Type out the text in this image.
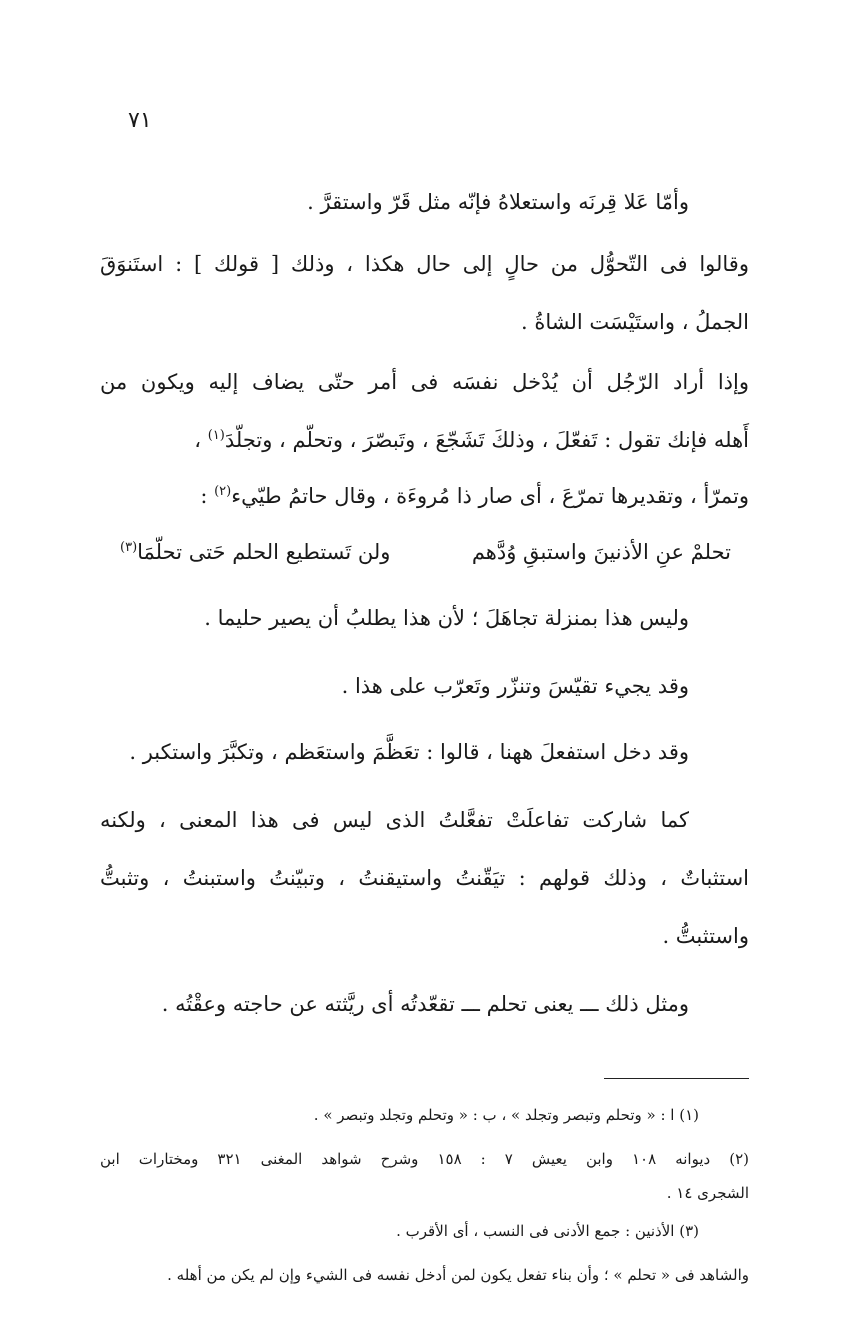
٧١
وأمّا عَلا قِرنَه واستعلاهُ فإنّه مثل قَرّ واستقرَّ .
وقالوا فى التّحوُّل من حالٍ إلى حال هكذا ، وذلك [ قولك ] : استَنوَقَ
الجملُ ، واستَيْسَت الشاةُ .
وإذا أراد الرّجُل أن يُدْخل نفسَه فى أمر حتّى يضاف إليه ويكون من
أَهله فإنك تقول : تَفعّلَ ، وذلكَ تَشَجّعَ ، وتَبصّرَ ، وتحلّم ، وتجلّدَ$^{(١)}$ ،
وتمرّأ ، وتقديرها تمرّعَ ، أى صار ذا مُروءَة ، وقال حاتمُ طيّيء$^{(٢)}$ :
تحلمْ عنِ الأذنينَ واستبقِ وُدَّهم
ولن تَستطيع الحلم حَتى تحلّمَا$^{(٣)}$
وليس هذا بمنزلة تجاهَلَ ؛ لأن هذا يطلبُ أن يصير حليما .
وقد يجيء تقيّسَ وتنزّر وتَعرّب على هذا .
وقد دخل استفعلَ ههنا ، قالوا : تعَظَّمَ واستعَظم ، وتكبَّرَ واستكبر .
كما شاركت تفاعلَتْ تفعَّلتُ الذى ليس فى هذا المعنى ، ولكنه
استثباتٌ ، وذلك قولهم : تيَقّنتُ واستيقنتُ ، وتبيّنتُ واستبنتُ ، وتثبتُّ
واستثبتُّ .
ومثل ذلك ـــ يعنى تحلم ـــ تقعّدتُه أى ريَّثته عن حاجته وعقْتُه .
(١) ا : « وتحلم وتبصر وتجلد » ، ب : « وتحلم وتجلد وتبصر » .
(٢) ديوانه ١٠٨ وابن يعيش ٧ : ١٥٨ وشرح شواهد المغنى ٣٢١ ومختارات ابن
الشجرى ١٤ .
(٣) الأذنين : جمع الأدنى فى النسب ، أى الأقرب .
والشاهد فى « تحلم » ؛ وأن بناء تفعل يكون لمن أدخل نفسه فى الشيء وإن لم يكن من أهله .
